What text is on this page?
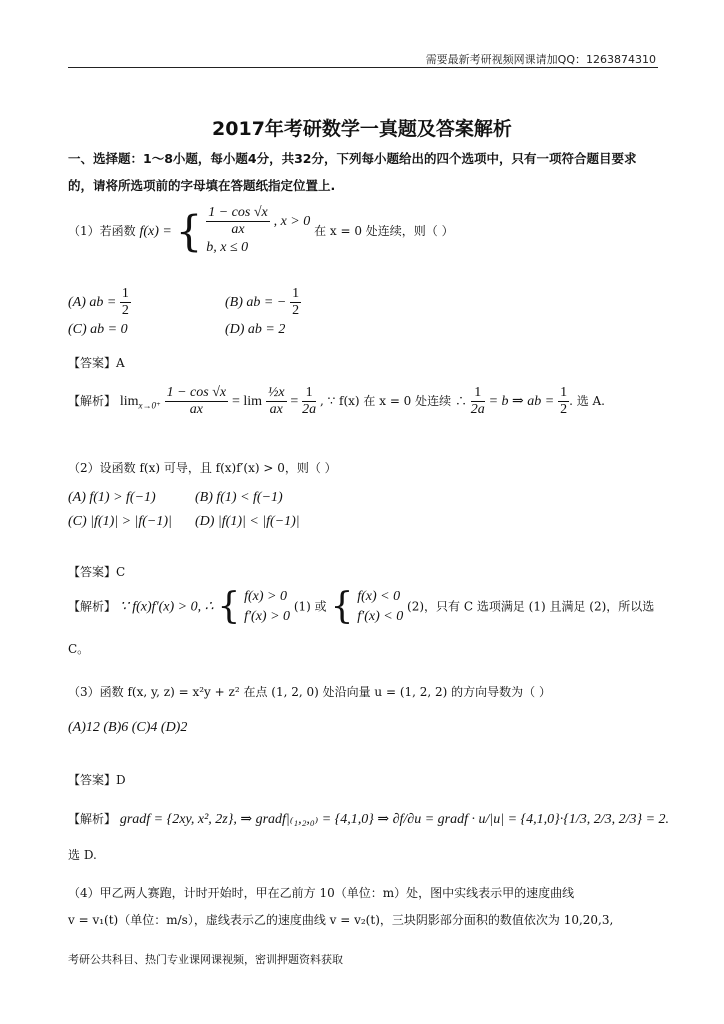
需要最新考研视频网课请加QQ：1263874310
2017年考研数学一真题及答案解析
一、选择题：1～8小题，每小题4分，共32分，下列每小题给出的四个选项中，只有一项符合题目要求
的，请将所选项前的字母填在答题纸指定位置上.
（1）若函数 f(x) = { $\frac{1 - \cos √x}{ax}$ , x > 0
b, x ≤ 0
在 x = 0 处连续，则（ ）
(A) ab = $\frac{1}{2}$	(B) ab = − $\frac{1}{2}$
(C) ab = 0	(D) ab = 2
【答案】A
【解析】 $\lim_{x\to 0^+} \frac{1 - \cos √x}{ax} = \lim \frac{\text{½x}}{ax} = \frac{1}{2a}$ , ∵ f(x) 在 x = 0 处连续 ∴ $\frac{1}{2a} = b$ ⇒ ab = $\frac{1}{2}$ . 选 A.
（2）设函数 f(x) 可导，且 f(x)f′(x) > 0，则（ ）
(A) f(1) > f(−1)	(B) f(1) < f(−1)
(C) |f(1)| > |f(−1)| (D) |f(1)| < |f(−1)|
【答案】C
【解析】 ∵ f(x)f′(x) > 0, ∴ { f(x) > 0
f′(x) > 0
(1) 或 { f(x) < 0
f′(x) < 0
(2)，只有 C 选项满足 (1) 且满足 (2)，所以选
C。
（3）函数 f(x, y, z) = x²y + z² 在点 (1, 2, 0) 处沿向量 u = (1, 2, 2) 的方向导数为（ ）
(A)12 (B)6 (C)4 (D)2
【答案】D
【解析】 gradf = {2xy, x², 2z}, ⇒ gradf|₍₁,₂,₀₎ = {4,1,0} ⇒ ∂f/∂u = gradf · u/|u| = {4,1,0}·{1/3, 2/3, 2/3} = 2.
选 D.
（4）甲乙两人赛跑，计时开始时，甲在乙前方 10（单位：m）处，图中实线表示甲的速度曲线
v = v₁(t)（单位：m/s），虚线表示乙的速度曲线 v = v₂(t)，三块阴影部分面积的数值依次为 10,20,3,
考研公共科目、热门专业课网课视频，密训押题资料获取
